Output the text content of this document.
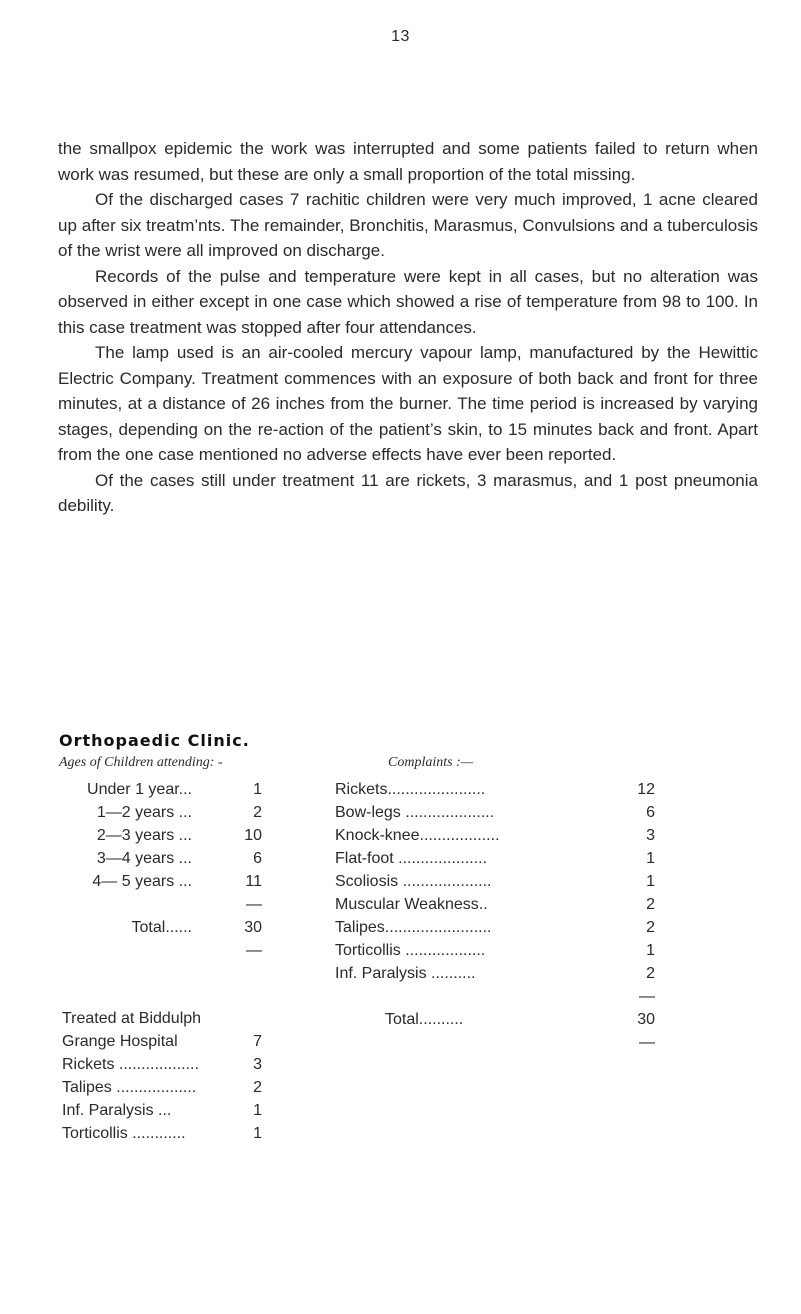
13

the smallpox epidemic the work was interrupted and some patients failed to return when work was resumed, but these are only a small proportion of the total missing.

Of the discharged cases 7 rachitic children were very much improved, 1 acne cleared up after six treatm’nts. The remainder, Bronchitis, Marasmus, Convulsions and a tuberculosis of the wrist were all improved on discharge.

Records of the pulse and temperature were kept in all cases, but no alteration was observed in either except in one case which showed a rise of temperature from 98 to 100. In this case treatment was stopped after four attendances.

The lamp used is an air-cooled mercury vapour lamp, manufactured by the Hewittic Electric Company. Treatment commences with an exposure of both back and front for three minutes, at a distance of 26 inches from the burner. The time period is increased by varying stages, depending on the re-action of the patient’s skin, to 15 minutes back and front. Apart from the one case mentioned no adverse effects have ever been reported.

Of the cases still under treatment 11 are rickets, 3 marasmus, and 1 post pneumonia debility.

Orthopaedic Clinic.
Ages of Children attending: -	Complaints :—
Under 1 year...	1
1—2 years ...	2
2—3 years ...	10
3—4 years ...	6
4— 5 years ...	11
—
Total......	30
—
Rickets......................	12
Bow-legs ....................	6
Knock-knee..................	3
Flat-foot ....................	1
Scoliosis ....................	1
Muscular Weakness..	2
Talipes........................	2
Torticollis ..................	1
Inf. Paralysis ..........	2
—
Total..........	30
—
Treated at Biddulph
Grange Hospital	7
Rickets ..................	3
Talipes ..................	2
Inf. Paralysis ...	1
Torticollis ............	1
